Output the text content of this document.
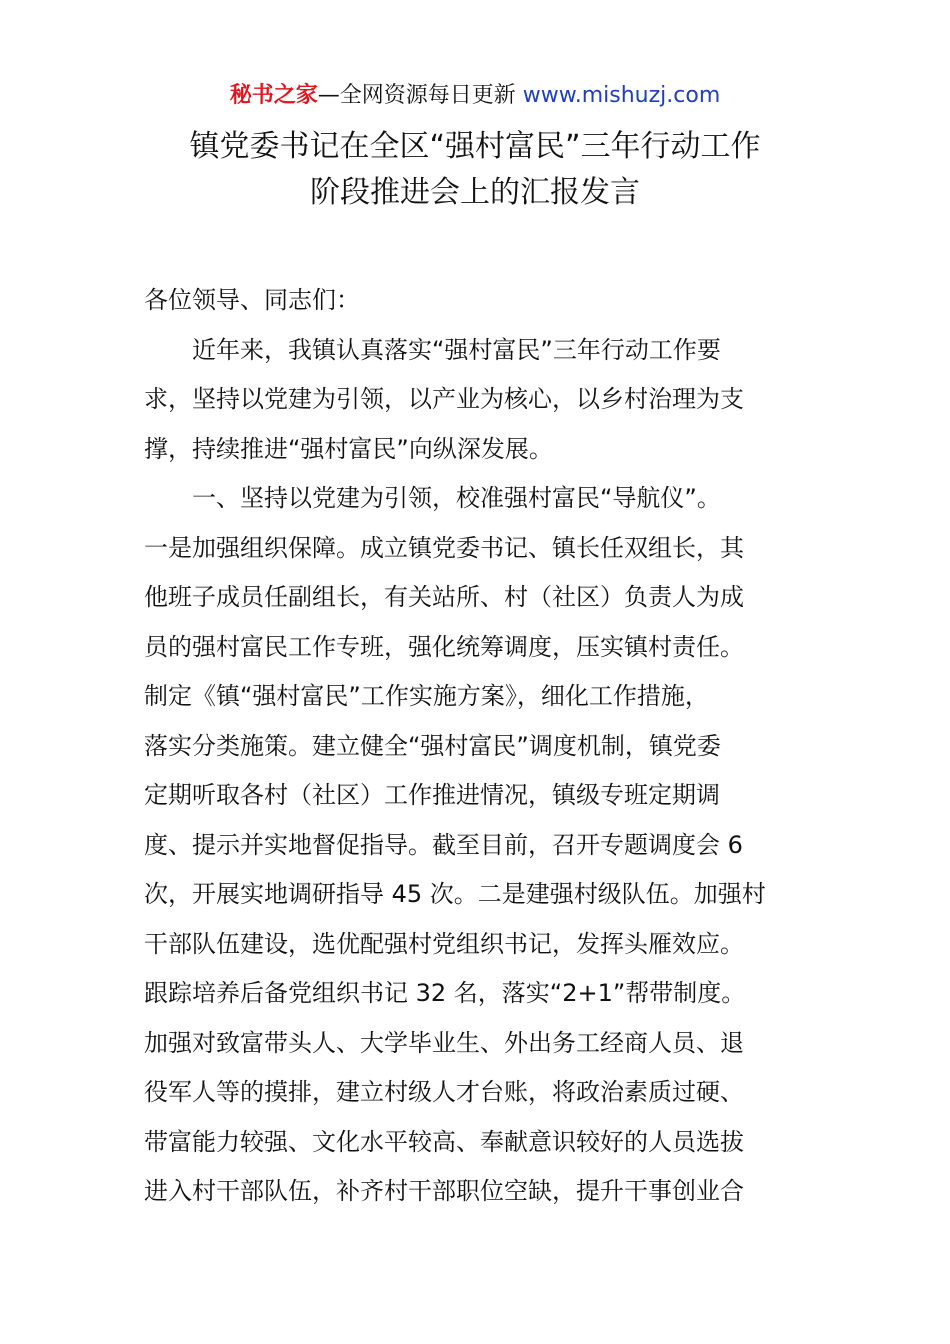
秘书之家—全网资源每日更新 www.mishuzj.com
镇党委书记在全区“强村富民”三年行动工作
阶段推进会上的汇报发言

各位领导、同志们：

近年来，我镇认真落实“强村富民”三年行动工作要

求，坚持以党建为引领，以产业为核心，以乡村治理为支

撑，持续推进“强村富民”向纵深发展。

一、坚持以党建为引领，校准强村富民“导航仪”。

一是加强组织保障。成立镇党委书记、镇长任双组长，其

他班子成员任副组长，有关站所、村（社区）负责人为成

员的强村富民工作专班，强化统筹调度，压实镇村责任。

制定《镇“强村富民”工作实施方案》，细化工作措施，

落实分类施策。建立健全“强村富民”调度机制，镇党委

定期听取各村（社区）工作推进情况，镇级专班定期调

度、提示并实地督促指导。截至目前，召开专题调度会 6

次，开展实地调研指导 45 次。二是建强村级队伍。加强村

干部队伍建设，选优配强村党组织书记，发挥头雁效应。

跟踪培养后备党组织书记 32 名，落实“2+1”帮带制度。

加强对致富带头人、大学毕业生、外出务工经商人员、退

役军人等的摸排，建立村级人才台账，将政治素质过硬、

带富能力较强、文化水平较高、奉献意识较好的人员选拔

进入村干部队伍，补齐村干部职位空缺，提升干事创业合
